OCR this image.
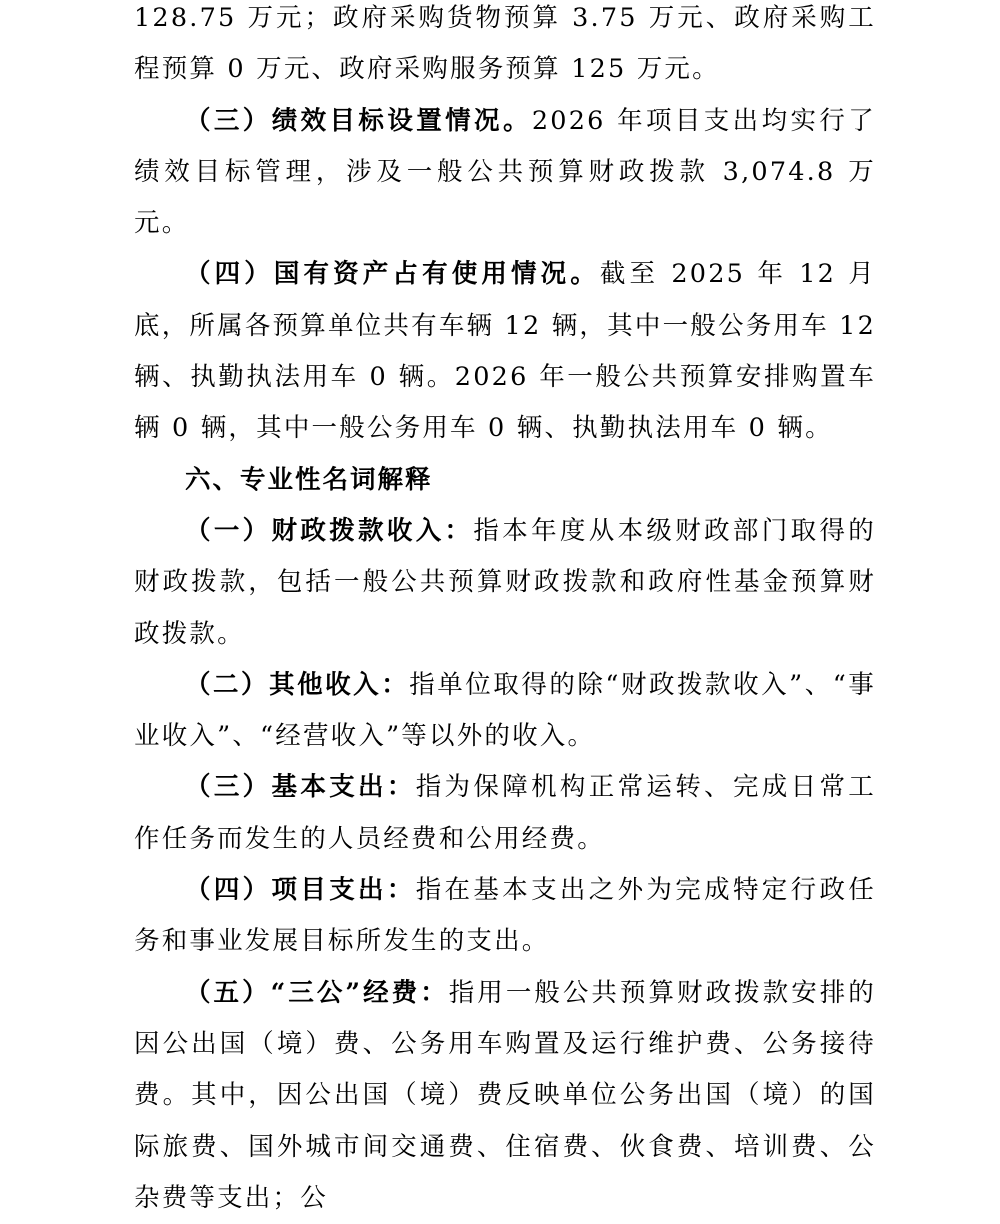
128.75 万元；政府采购货物预算 3.75 万元、政府采购工程预算 0 万元、政府采购服务预算 125 万元。

（三）绩效目标设置情况。2026 年项目支出均实行了绩效目标管理，涉及一般公共预算财政拨款 3,074.8 万元。

（四）国有资产占有使用情况。截至 2025 年 12 月底，所属各预算单位共有车辆 12 辆，其中一般公务用车 12 辆、执勤执法用车 0 辆。2026 年一般公共预算安排购置车辆 0 辆，其中一般公务用车 0 辆、执勤执法用车 0 辆。

六、专业性名词解释

（一）财政拨款收入：指本年度从本级财政部门取得的财政拨款，包括一般公共预算财政拨款和政府性基金预算财政拨款。

（二）其他收入：指单位取得的除“财政拨款收入”、“事业收入”、“经营收入”等以外的收入。

（三）基本支出：指为保障机构正常运转、完成日常工作任务而发生的人员经费和公用经费。

（四）项目支出：指在基本支出之外为完成特定行政任务和事业发展目标所发生的支出。

（五）“三公”经费：指用一般公共预算财政拨款安排的因公出国（境）费、公务用车购置及运行维护费、公务接待费。其中，因公出国（境）费反映单位公务出国（境）的国际旅费、国外城市间交通费、住宿费、伙食费、培训费、公杂费等支出；公
